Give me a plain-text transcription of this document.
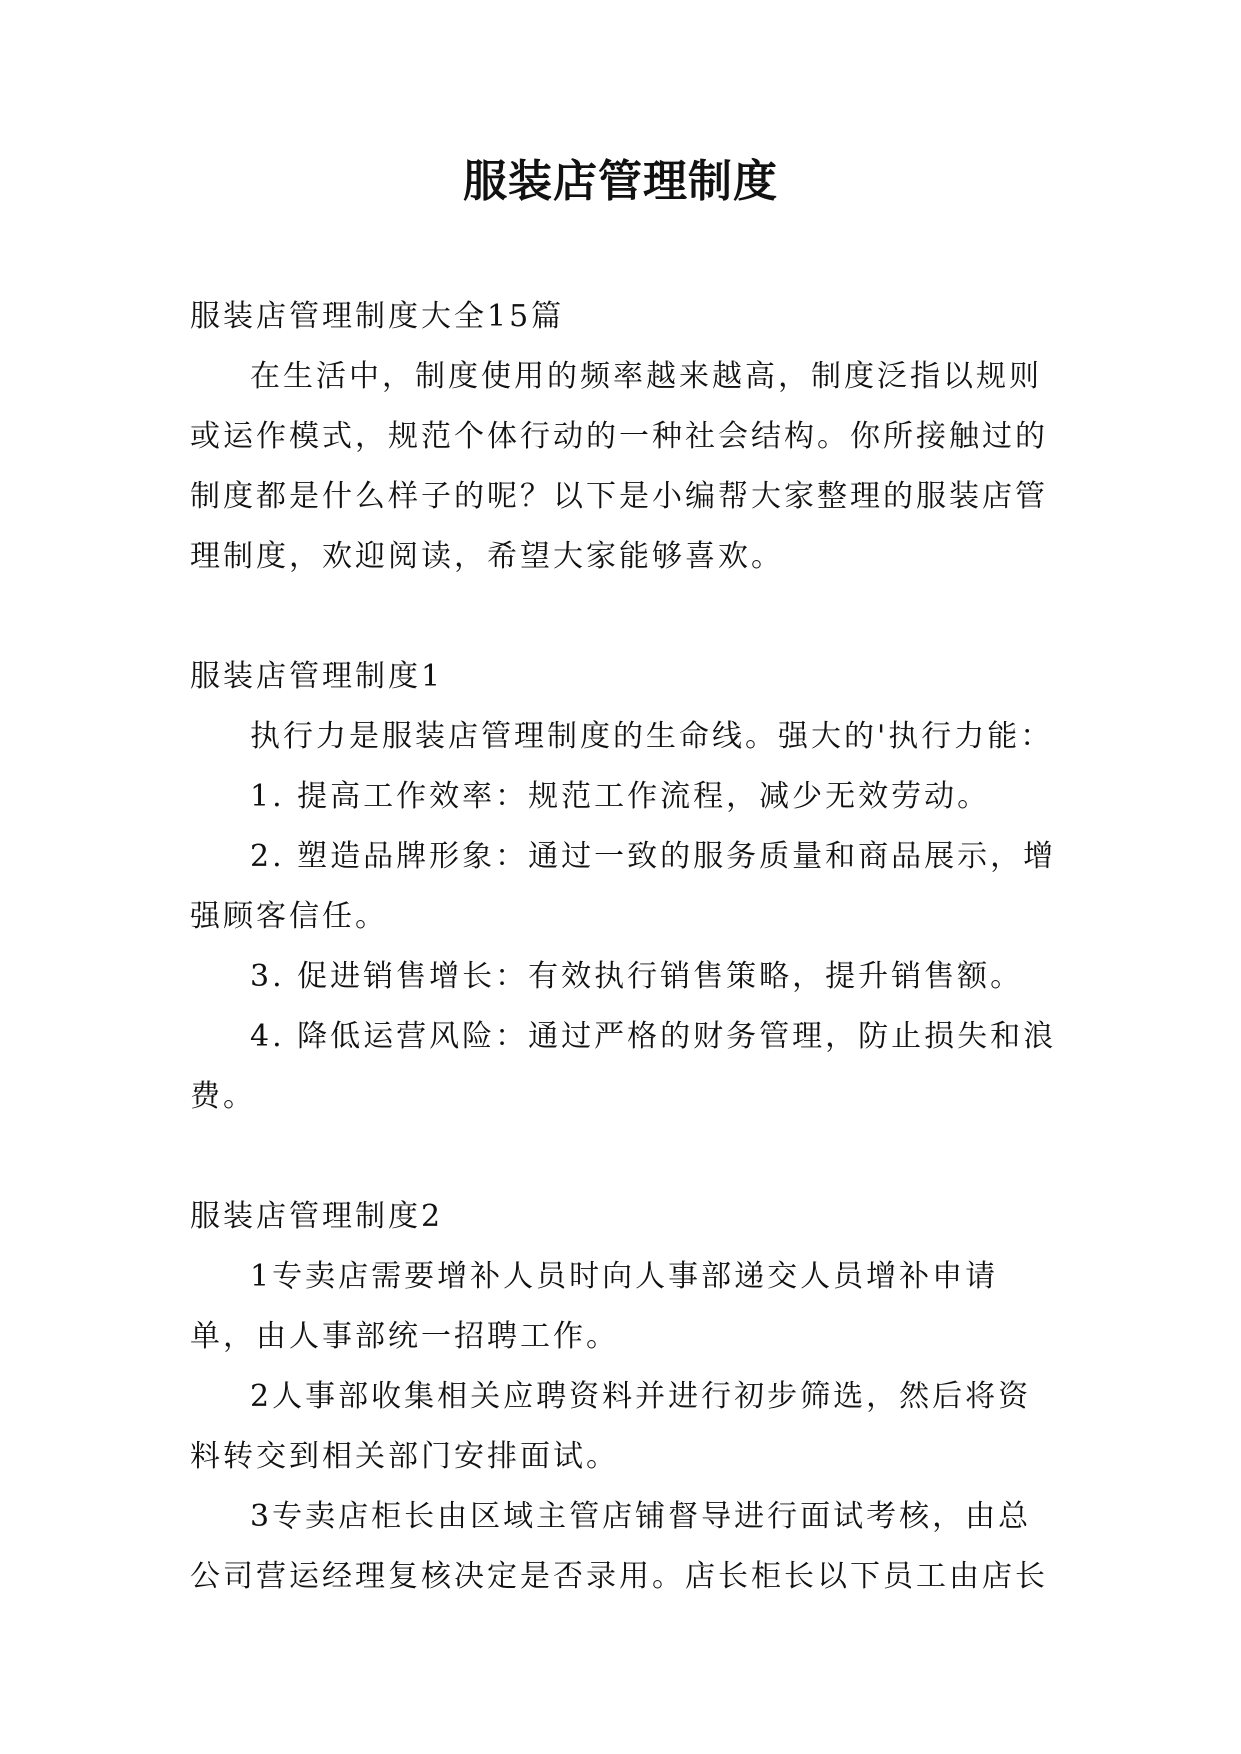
服装店管理制度

服装店管理制度大全15篇

在生活中，制度使用的频率越来越高，制度泛指以规则或运作模式，规范个体行动的一种社会结构。你所接触过的制度都是什么样子的呢？以下是小编帮大家整理的服装店管理制度，欢迎阅读，希望大家能够喜欢。

服装店管理制度1

执行力是服装店管理制度的生命线。强大的'执行力能：

1. 提高工作效率：规范工作流程，减少无效劳动。

2. 塑造品牌形象：通过一致的服务质量和商品展示，增强顾客信任。

3. 促进销售增长：有效执行销售策略，提升销售额。

4. 降低运营风险：通过严格的财务管理，防止损失和浪费。

服装店管理制度2

1专卖店需要增补人员时向人事部递交人员增补申请单，由人事部统一招聘工作。

2人事部收集相关应聘资料并进行初步筛选，然后将资料转交到相关部门安排面试。

3专卖店柜长由区域主管店铺督导进行面试考核，由总公司营运经理复核决定是否录用。店长柜长以下员工由店长
